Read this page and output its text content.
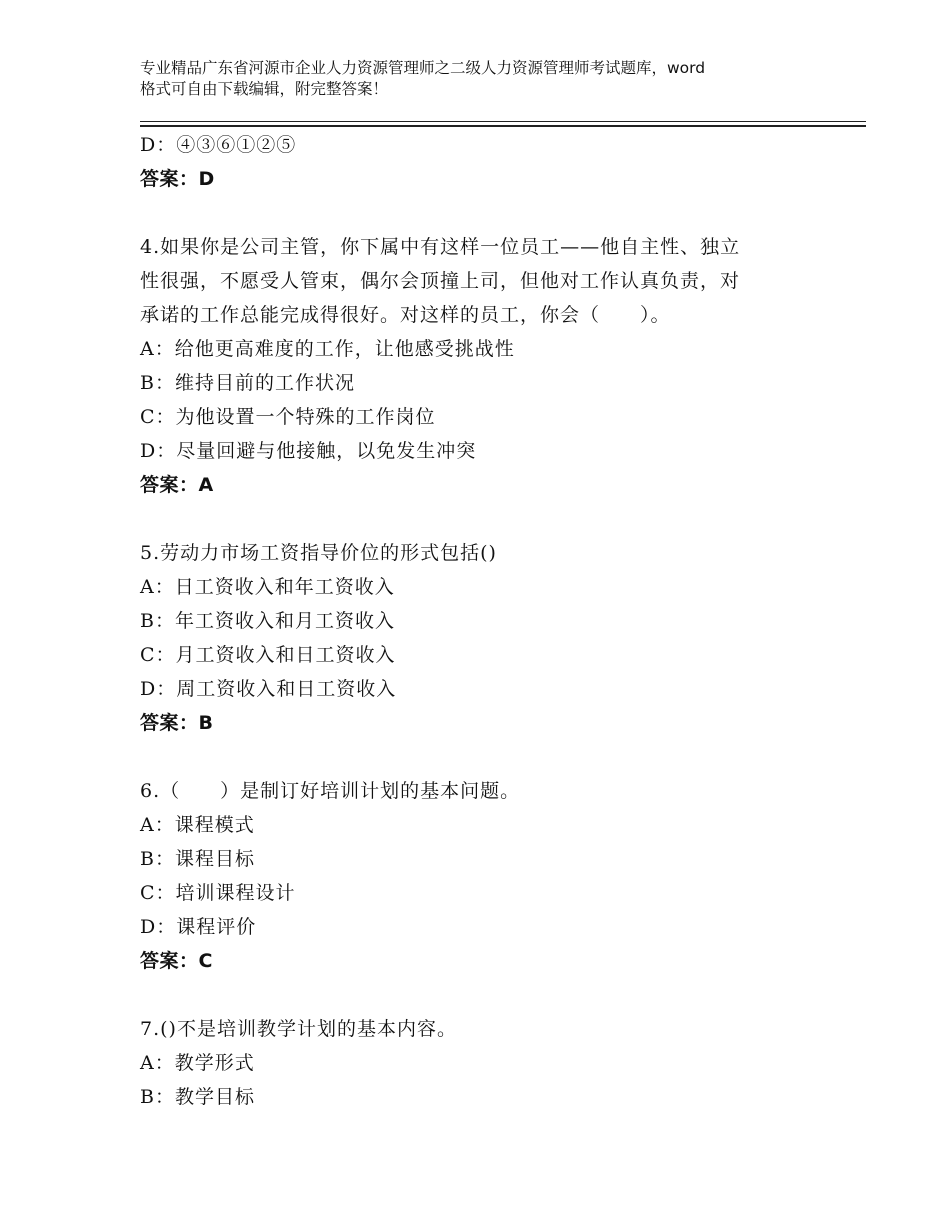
专业精品广东省河源市企业人力资源管理师之二级人力资源管理师考试题库，word
格式可自由下载编辑，附完整答案！
D：④③⑥①②⑤
答案：D
4.如果你是公司主管，你下属中有这样一位员工——他自主性、独立
性很强，不愿受人管束，偶尔会顶撞上司，但他对工作认真负责，对
承诺的工作总能完成得很好。对这样的员工，你会（　　）。
A：给他更高难度的工作，让他感受挑战性
B：维持目前的工作状况
C：为他设置一个特殊的工作岗位
D：尽量回避与他接触，以免发生冲突
答案：A
5.劳动力市场工资指导价位的形式包括()
A：日工资收入和年工资收入
B：年工资收入和月工资收入
C：月工资收入和日工资收入
D：周工资收入和日工资收入
答案：B
6.（　　）是制订好培训计划的基本问题。
A：课程模式
B：课程目标
C：培训课程设计
D：课程评价
答案：C
7.()不是培训教学计划的基本内容。
A：教学形式
B：教学目标
